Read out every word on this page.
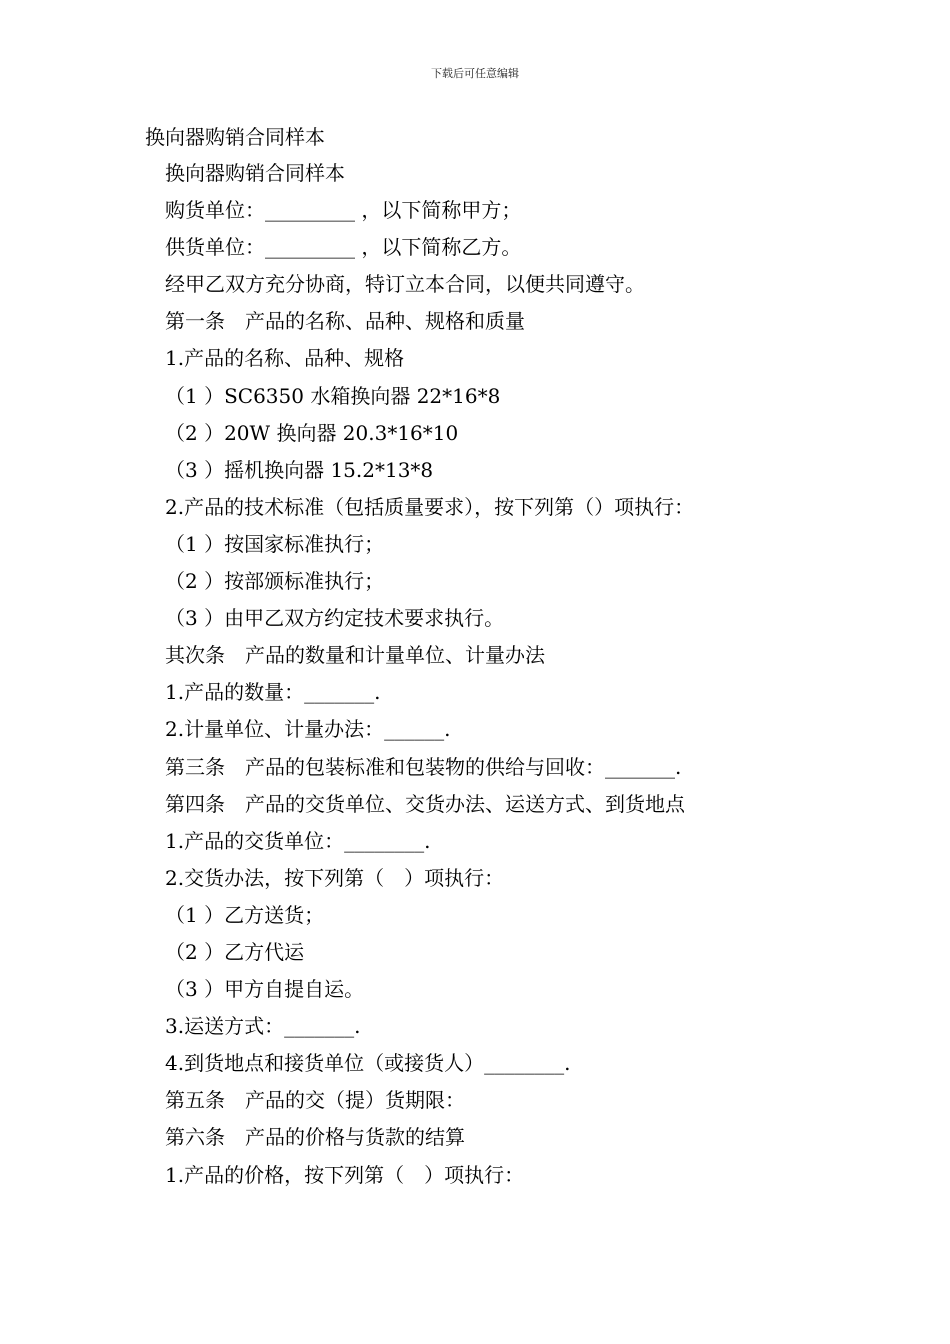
下载后可任意编辑
换向器购销合同样本
换向器购销合同样本
购货单位：_________ ，以下简称甲方；
供货单位：_________ ，以下简称乙方。
经甲乙双方充分协商，特订立本合同，以便共同遵守。
第一条　产品的名称、品种、规格和质量
1.产品的名称、品种、规格
（1 ）SC6350 水箱换向器 22*16*8
（2 ）20W 换向器 20.3*16*10
（3 ）摇机换向器 15.2*13*8
2.产品的技术标准（包括质量要求），按下列第（）项执行：
（1 ）按国家标准执行；
（2 ）按部颁标准执行；
（3 ）由甲乙双方约定技术要求执行。
其次条　产品的数量和计量单位、计量办法
1.产品的数量：_______.
2.计量单位、计量办法：______.
第三条　产品的包装标准和包装物的供给与回收：_______.
第四条　产品的交货单位、交货办法、运送方式、到货地点
1.产品的交货单位：________.
2.交货办法，按下列第（　）项执行：
（1 ）乙方送货；
（2 ）乙方代运
（3 ）甲方自提自运。
3.运送方式：_______.
4.到货地点和接货单位（或接货人）________.
第五条　产品的交（提）货期限：
第六条　产品的价格与货款的结算
1.产品的价格，按下列第（　）项执行：
